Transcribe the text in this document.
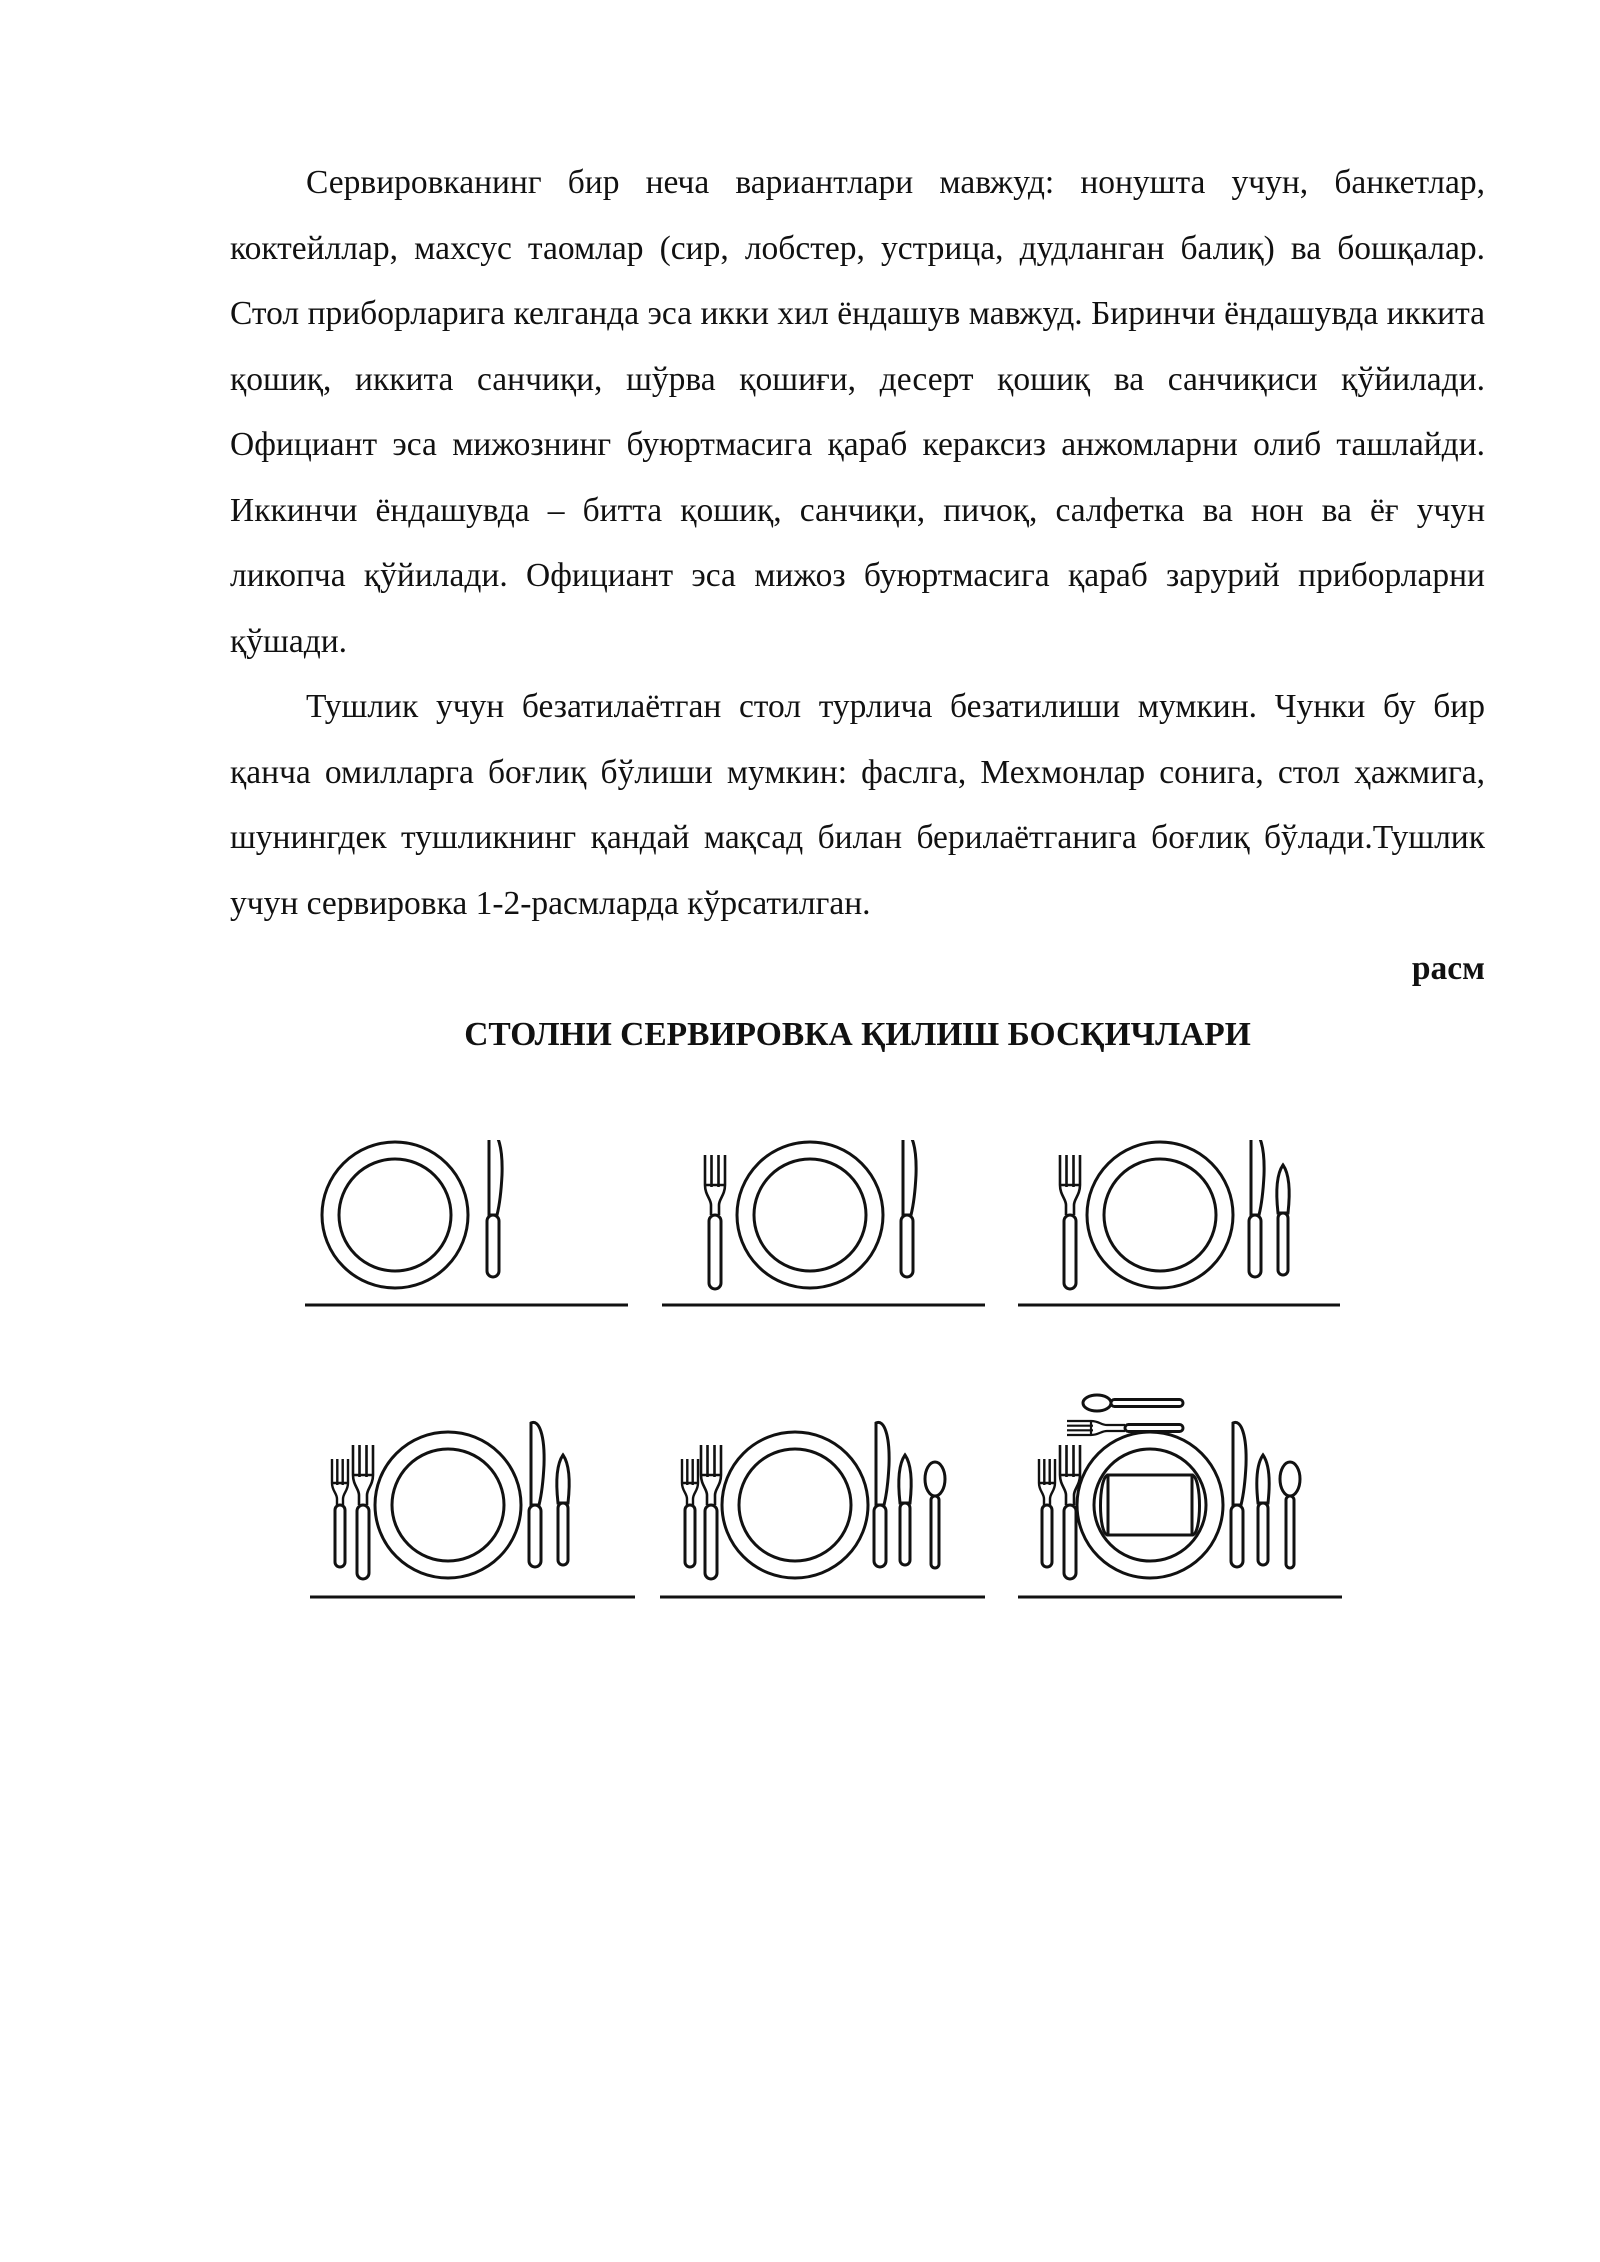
Сервировканинг бир неча вариантлари мавжуд: нонушта учун, банкетлар, коктейллар, махсус таомлар (сир, лобстер, устрица, дудланган балиқ) ва бошқалар. Стол приборларига келганда эса икки хил ёндашув мавжуд. Биринчи ёндашувда иккита қошиқ, иккита санчиқи, шўрва қошиғи, десерт қошиқ ва санчиқиси қўйилади. Официант эса мижознинг буюртмасига қараб кераксиз анжомларни олиб ташлайди. Иккинчи ёндашувда – битта қошиқ, санчиқи, пичоқ, салфетка ва нон ва ёғ учун ликопча қўйилади. Официант эса мижоз буюртмасига қараб зарурий приборларни қўшади.

Тушлик учун безатилаётган стол турлича безатилиши мумкин. Чунки бу бир қанча омилларга боғлиқ бўлиши мумкин: фаслга, Мехмонлар сонига, стол ҳажмига, шунингдек тушликнинг қандай мақсад билан берилаётганига боғлиқ бўлади.Тушлик учун сервировка 1-2-расмларда кўрсатилган.

расм

СТОЛНИ СЕРВИРОВКА ҚИЛИШ БОСҚИЧЛАРИ
